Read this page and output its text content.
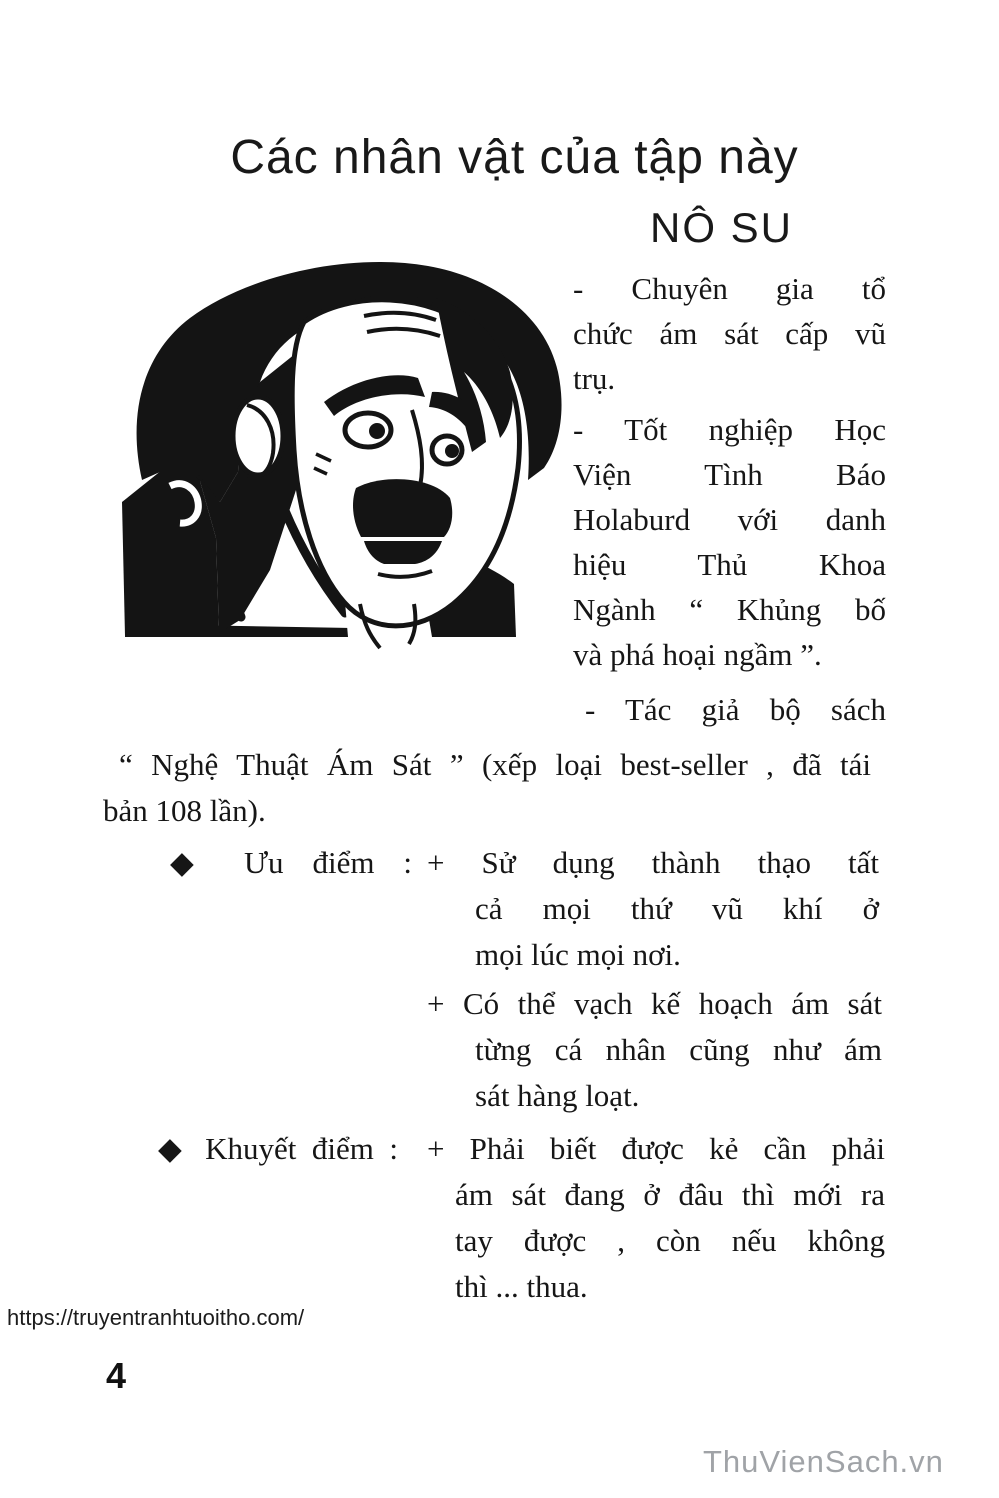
Các nhân vật của tập này
NÔ SU
- Chuyên gia tổ
chức ám sát cấp vũ
trụ.
- Tốt nghiệp Học
Viện Tình Báo
Holaburd với danh
hiệu Thủ Khoa
Ngành “ Khủng bố
và phá hoại ngầm ”.
- Tác giả bộ sách
“ Nghệ Thuật Ám Sát ” (xếp loại best-seller , đã tái
bản 108 lần).
◆ Ưu điểm : + Sử dụng thành thạo tất
cả mọi thứ vũ khí ở
mọi lúc mọi nơi.
+ Có thể vạch kế hoạch ám sát
từng cá nhân cũng như ám
sát hàng loạt.
◆ Khuyết điểm : + Phải biết được kẻ cần phải
ám sát đang ở đâu thì mới ra
tay được , còn nếu không
thì ... thua.
https://truyentranhtuoitho.com/
4
ThuVienSach.vn
